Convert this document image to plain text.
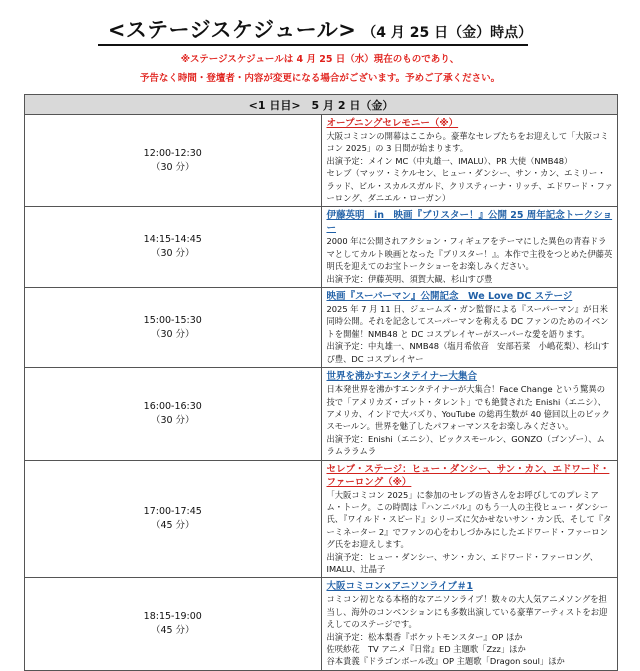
<ステージスケジュール> （4 月 25 日（金）時点）
※ステージスケジュールは 4 月 25 日（水）現在のものであり、
予告なく時間・登壇者・内容が変更になる場合がございます。予めご了承ください。
<1 日目>　5 月 2 日（金）	

12:00-12:30
（30 分）	オープニングセレモニー（※）
大阪コミコンの開幕はここから。豪華なセレブたちをお迎えして「大阪コミコン 2025」の 3 日間が始まります。
出演予定：メイン MC（中丸雄一、IMALU）、PR 大使（NMB48）
セレブ（マッツ・ミケルセン、ヒュー・ダンシー、サン・カン、エミリー・ラッド、ビル・スカルスガルド、クリスティーナ・リッチ、エドワード・ファーロング、ダニエル・ローガン）

14:15-14:45
（30 分）	伊藤英明　in　映画『ブリスター！』公開 25 周年記念トークショー
2000 年に公開されアクション・フィギュアをテーマにした異色の青春ドラマとしてカルト映画となった『ブリスター！』。本作で主役をつとめた伊藤英明氏を迎えてのお宝トークショーをお楽しみください。
出演予定：伊藤英明、須賀大観、杉山すぴ豊

15:00-15:30
（30 分）	映画『スーパーマン』公開記念　We Love DC ステージ
2025 年 7 月 11 日、ジェームズ・ガン監督による『スーパーマン』が日米同時公開。それを記念してスーパーマンを称える DC ファンのためのイベントを開催！NMB48 と DC コスプレイヤーがスーパーな愛を語ります。
出演予定：中丸雄一、NMB48（塩月希依音　安部若菜　小嶋花梨）、杉山すぴ豊、DC コスプレイヤー

16:00-16:30
（30 分）	世界を沸かすエンタテイナー大集合
日本発世界を沸かすエンタテイナーが大集合！Face Change という驚異の技で「アメリカズ・ゴット・タレント」でも絶賛された Enishi（エニシ）、アメリカ、インドで大バズり、YouTube の総再生数が 40 億回以上のピックスモールン。世界を魅了したパフォーマンスをお楽しみください。
出演予定：Enishi（エニシ）、ピックスモールン、GONZO（ゴンゾー）、ムラムララムラ

17:00-17:45
（45 分）	セレブ・ステージ：ヒュー・ダンシー、サン・カン、エドワード・ファーロング（※）
「大阪コミコン 2025」に参加のセレブの皆さんをお呼びしてのプレミアム・トーク。この時間は『ハンニバル』のもう一人の主役ヒュー・ダンシー氏、『ワイルド・スピード』シリーズに欠かせないサン・カン氏、そして『ターミネーター 2』でファンの心をわしづかみにしたエドワード・ファーロング氏をお迎えします。
出演予定：ヒュー・ダンシー、サン・カン、エドワード・ファーロング、IMALU、辻晶子

18:15-19:00
（45 分）	大阪コミコン×アニソンライブ＃1
コミコン初となる本格的なアニソンライブ！数々の大人気アニメソングを担当し、海外のコンベンションにも多数出演している豪華アーティストをお迎えしてのステージです。
出演予定：松本梨香『ポケットモンスター』OP ほか
佐咲紗花　TV アニメ『日常』ED 主題歌「Zzz」ほか
谷本貴義『ドラゴンボール改』OP 主題歌「Dragon soul」ほか
